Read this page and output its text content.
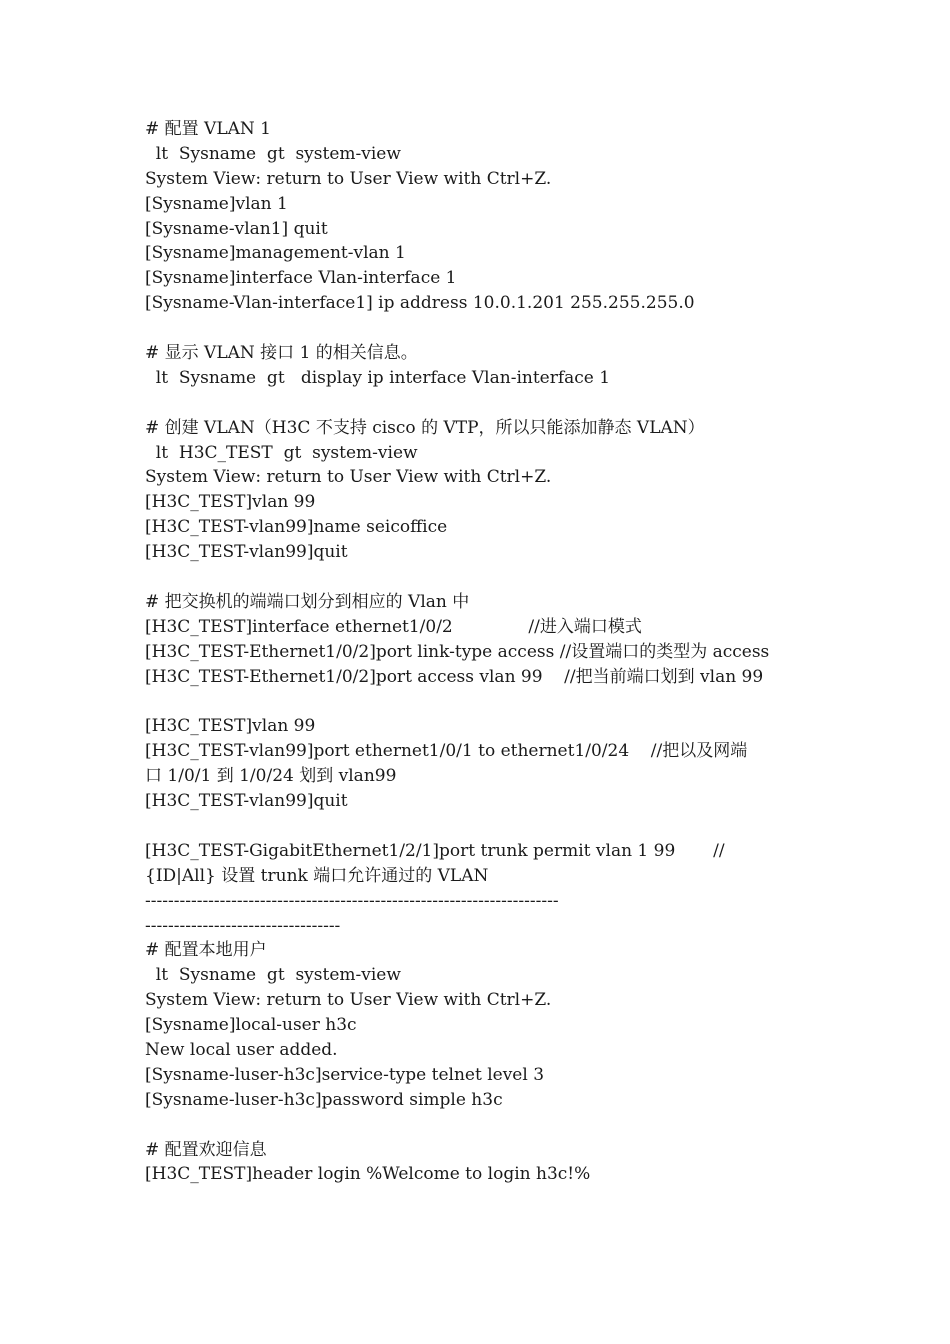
# 配置 VLAN 1
lt  Sysname  gt  system-view
System View: return to User View with Ctrl+Z.
[Sysname]vlan 1
[Sysname-vlan1] quit
[Sysname]management-vlan 1
[Sysname]interface Vlan-interface 1
[Sysname-Vlan-interface1] ip address 10.0.1.201 255.255.255.0
# 显示 VLAN 接口 1 的相关信息。
lt  Sysname  gt   display ip interface Vlan-interface 1
# 创建 VLAN（H3C 不支持 cisco 的 VTP，所以只能添加静态 VLAN）
lt  H3C_TEST  gt  system-view
System View: return to User View with Ctrl+Z.
[H3C_TEST]vlan 99
[H3C_TEST-vlan99]name seicoffice
[H3C_TEST-vlan99]quit
# 把交换机的端端口划分到相应的 Vlan 中
[H3C_TEST]interface ethernet1/0/2              //进入端口模式
[H3C_TEST-Ethernet1/0/2]port link-type access //设置端口的类型为 access
[H3C_TEST-Ethernet1/0/2]port access vlan 99    //把当前端口划到 vlan 99
[H3C_TEST]vlan 99
[H3C_TEST-vlan99]port ethernet1/0/1 to ethernet1/0/24    //把以及网端
口 1/0/1 到 1/0/24 划到 vlan99
[H3C_TEST-vlan99]quit
[H3C_TEST-GigabitEthernet1/2/1]port trunk permit vlan 1 99       //
{ID|All} 设置 trunk 端口允许通过的 VLAN
------------------------------------------------------------------------
----------------------------------
# 配置本地用户
lt  Sysname  gt  system-view
System View: return to User View with Ctrl+Z.
[Sysname]local-user h3c
New local user added.
[Sysname-luser-h3c]service-type telnet level 3
[Sysname-luser-h3c]password simple h3c
# 配置欢迎信息
[H3C_TEST]header login %Welcome to login h3c!%
